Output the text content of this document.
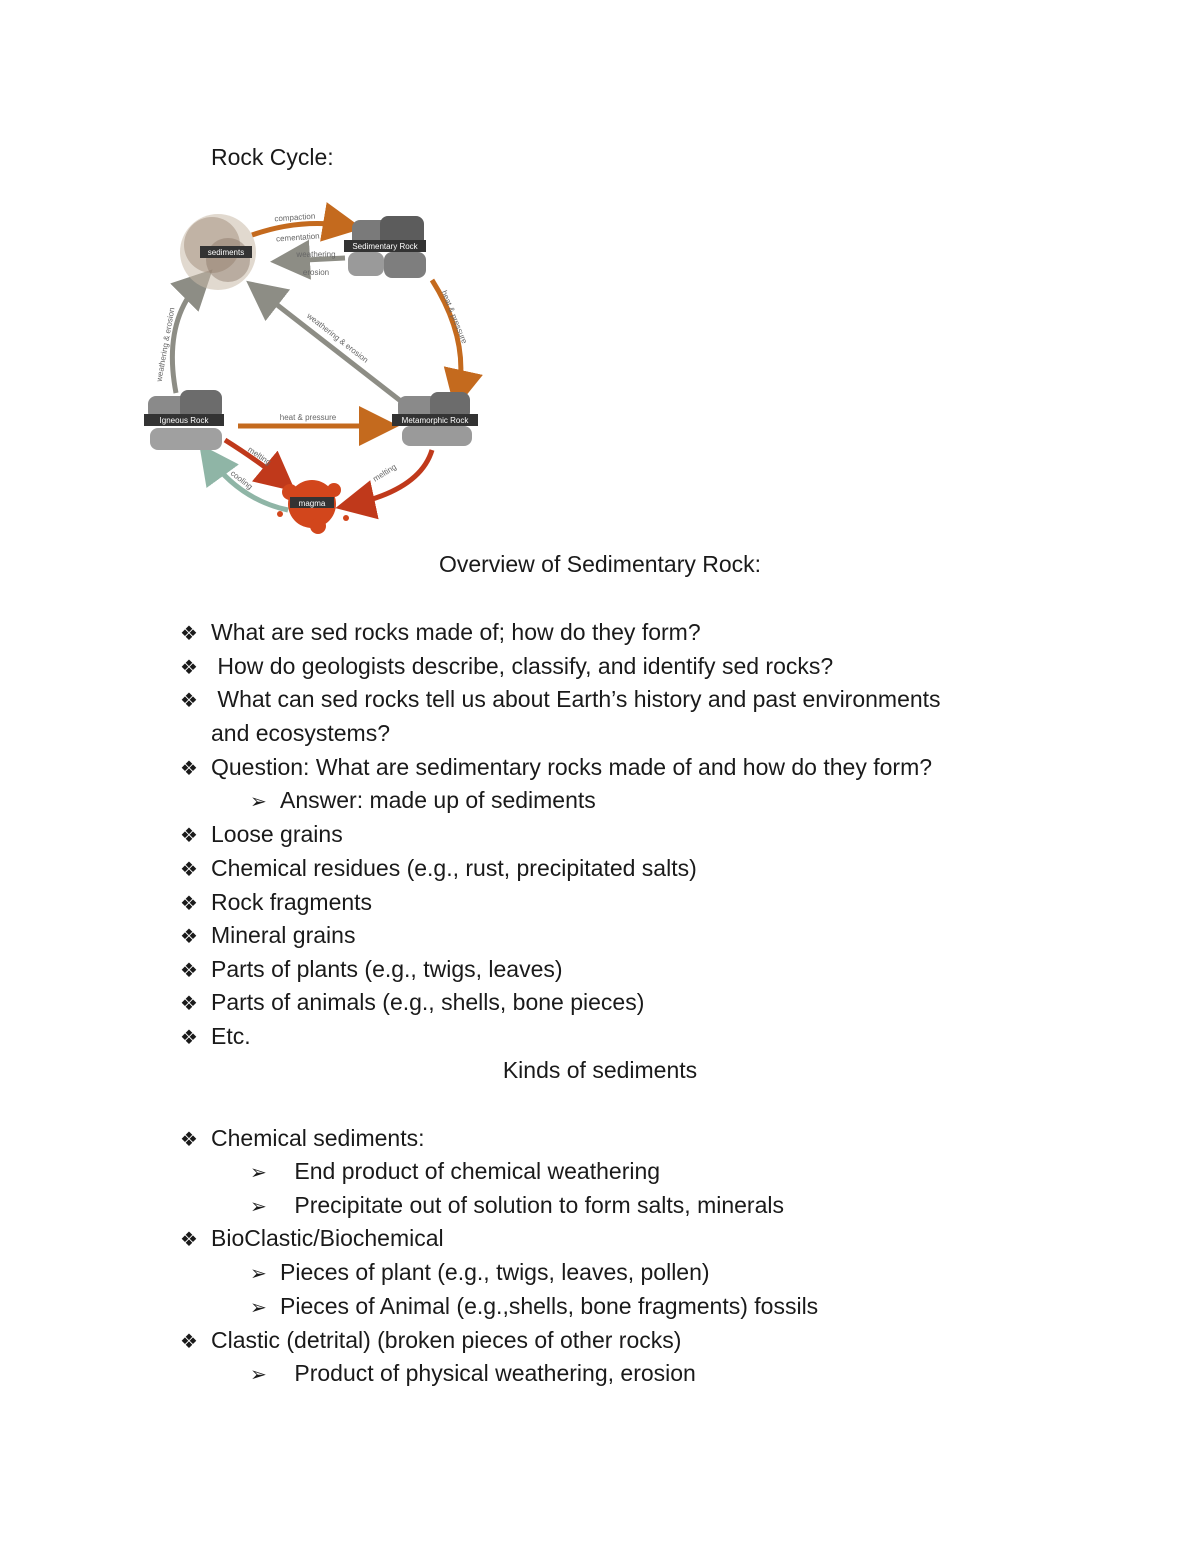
Rock Cycle:
sediments
Sedimentary Rock
Metamorphic Rock
Igneous Rock
magma
compaction
cementation
weathering
erosion
heat & pressure
weathering & erosion
weathering & erosion
heat & pressure
melting
cooling	melting
Overview of Sedimentary Rock:
❖ What are sed rocks made of; how do they form?
❖ How do geologists describe, classify, and identify sed rocks?
❖ What can sed rocks tell us about Earth’s history and past environments
and ecosystems?
❖ Question: What are sedimentary rocks made of and how do they form?
➢ Answer: made up of sediments
❖ Loose grains
❖ Chemical residues (e.g., rust, precipitated salts)
❖ Rock fragments
❖ Mineral grains
❖ Parts of plants (e.g., twigs, leaves)
❖ Parts of animals (e.g., shells, bone pieces)
❖ Etc.
Kinds of sediments
❖ Chemical sediments:
➢ End product of chemical weathering
➢ Precipitate out of solution to form salts, minerals
❖ BioClastic/Biochemical
➢ Pieces of plant (e.g., twigs, leaves, pollen)
➢ Pieces of Animal (e.g.,shells, bone fragments) fossils
❖ Clastic (detrital) (broken pieces of other rocks)
➢ Product of physical weathering, erosion
